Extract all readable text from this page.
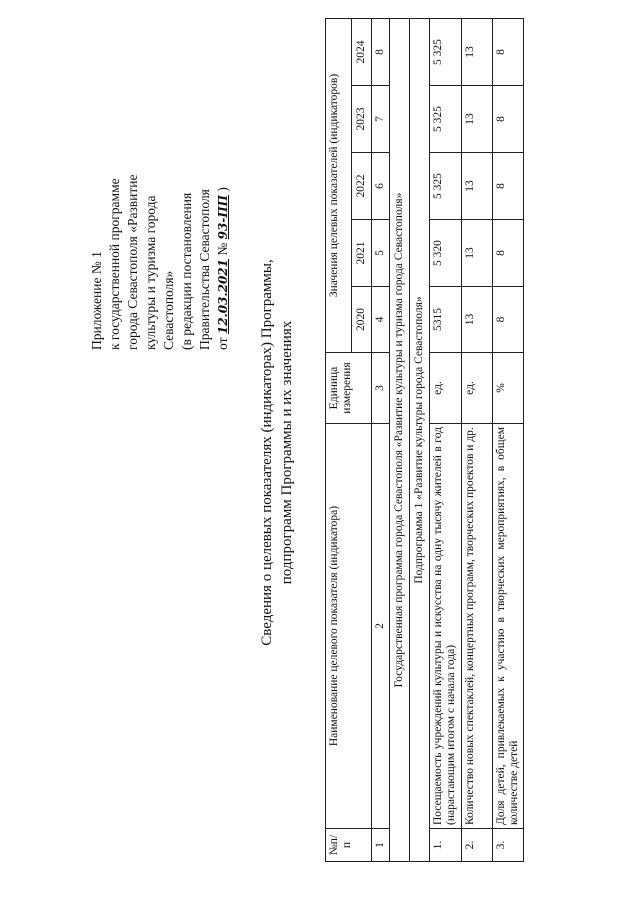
Приложение № 1 к государственной программе города Севастополя «Развитие культуры и туризма города Севастополя» (в редакции постановления Правительства Севастополя от 12.03.2021 № 93-ПП )
Сведения о целевых показателях (индикаторах) Программы, подпрограмм Программы и их значениях
№п/п	Наименование целевого показателя (индикатора)	Единица измерения	Значения целевых показателей (индикаторов)				
			2020	2021	2022	2023	2024
1	2	3	4	5	6	7	8
Государственная программа города Севастополя «Развитие культуры и туризма города Севастополя»							
Подпрограмма 1 «Развитие культуры города Севастополя»							
1.	Посещаемость учреждений культуры и искусства на одну тысячу жителей в год (нарастающим итогом с начала года)	ед.	5315	5 320	5 325	5 325	5 325
2.	Количество новых спектаклей, концертных программ, творческих проектов и др.	ед.	13	13	13	13	13
3.	Доля детей, привлекаемых к участию в творческих мероприятиях, в общем количестве детей	%	8	8	8	8	8
